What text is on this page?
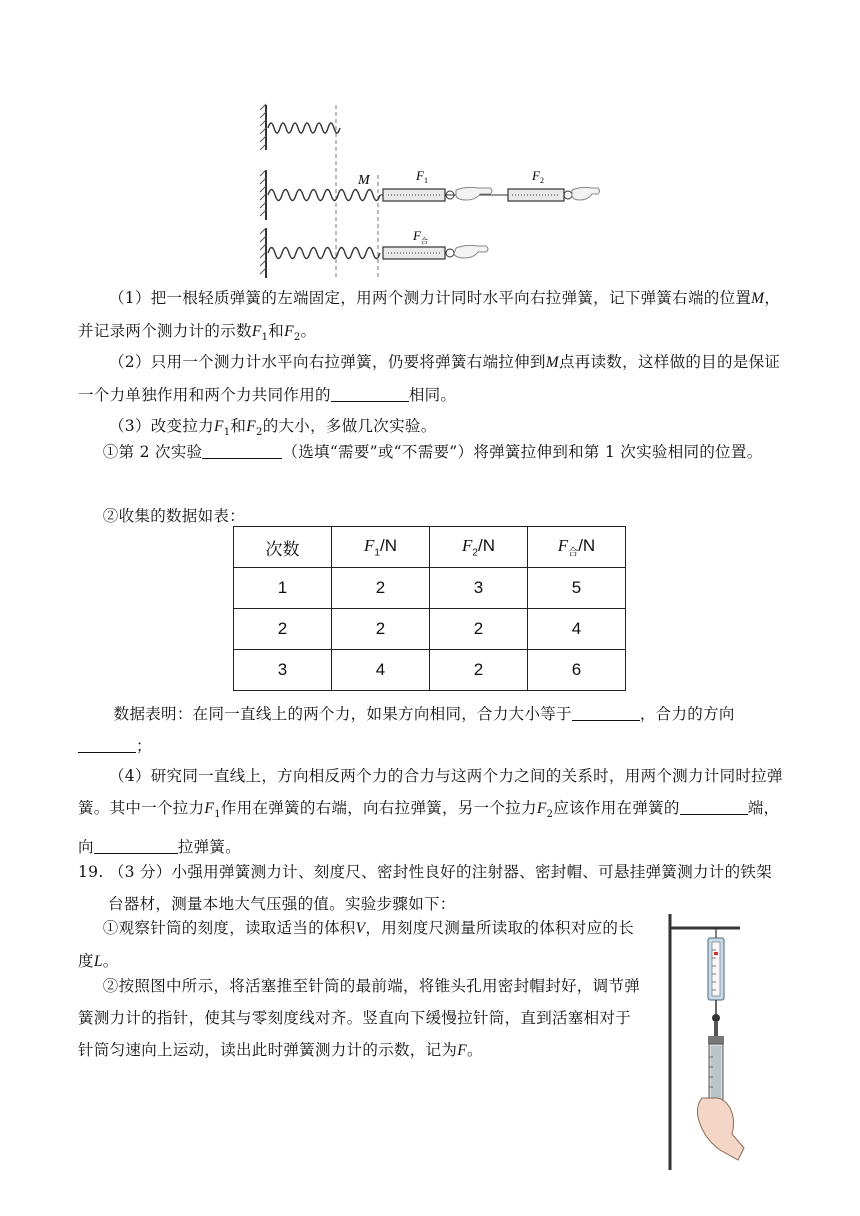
M	F 1	F 2
F 合
（1）把一根轻质弹簧的左端固定，用两个测力计同时水平向右拉弹簧，记下弹簧右端的位置M，并记录两个测力计的示数$F_1$和$F_2$。
（2）只用一个测力计水平向右拉弹簧，仍要将弹簧右端拉伸到M点再读数，这样做的目的是保证一个力单独作用和两个力共同作用的	相同。
（3）改变拉力$F_1$和$F_2$的大小，多做几次实验。
①第 2 次实验	（选填“需要”或“不需要”）将弹簧拉伸到和第 1 次实验相同的位置。
②收集的数据如表：
次数	$F_1/N$	$F_2/N$	$F_合/N$
1	2	3	5
2	2	2	4
3	4	2	6
数据表明：在同一直线上的两个力，如果方向相同，合力大小等于	，合力的方向；
（4）研究同一直线上，方向相反两个力的合力与这两个力之间的关系时，用两个测力计同时拉弹簧。其中一个拉力$F_1$作用在弹簧的右端，向右拉弹簧，另一个拉力$F_2$应该作用在弹簧的	端，向	拉弹簧。
19. （3 分）小强用弹簧测力计、刻度尺、密封性良好的注射器、密封帽、可悬挂弹簧测力计的铁架台器材，测量本地大气压强的值。实验步骤如下：
①观察针筒的刻度，读取适当的体积V，用刻度尺测量所读取的体积对应的长度L。
②按照图中所示，将活塞推至针筒的最前端，将锥头孔用密封帽封好，调节弹簧测力计的指针，使其与零刻度线对齐。竖直向下缓慢拉针筒，直到活塞相对于针筒匀速向上运动，读出此时弹簧测力计的示数，记为F。
